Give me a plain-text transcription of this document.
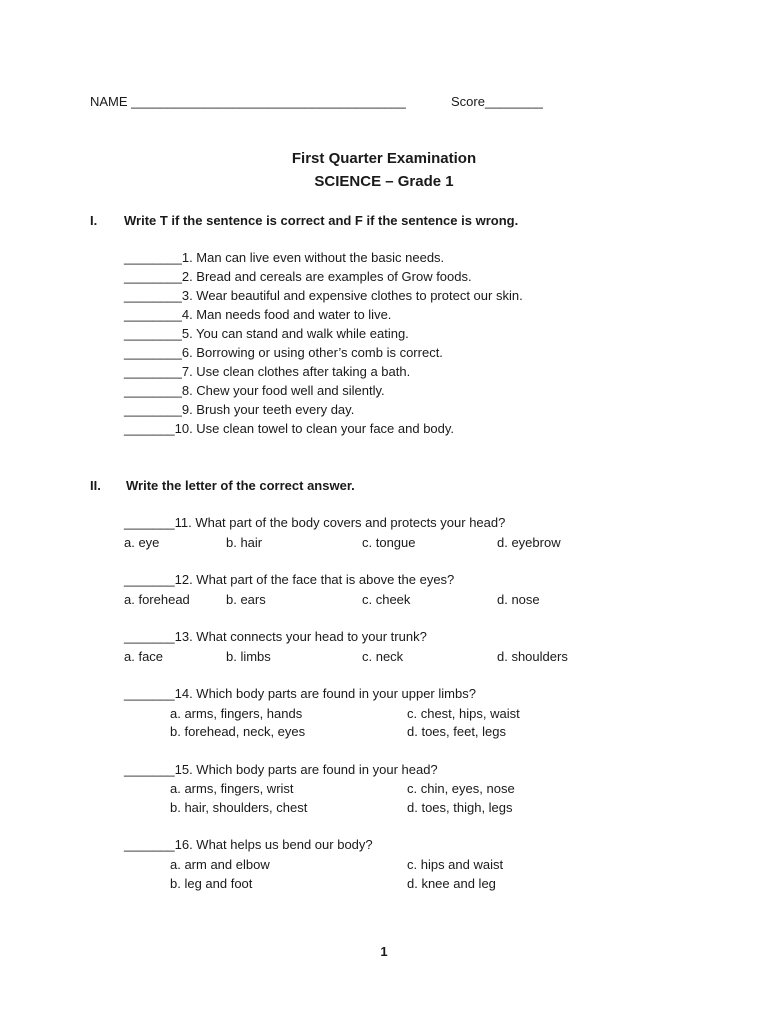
NAME ______________________________________	Score________
First Quarter Examination
SCIENCE – Grade 1
I. Write T if the sentence is correct and F if the sentence is wrong.
________1. Man can live even without the basic needs.
________2. Bread and cereals are examples of Grow foods.
________3. Wear beautiful and expensive clothes to protect our skin.
________4. Man needs food and water to live.
________5. You can stand and walk while eating.
________6. Borrowing or using other’s comb is correct.
________7. Use clean clothes after taking a bath.
________8. Chew your food well and silently.
________9. Brush your teeth every day.
_______10. Use clean towel to clean your face and body.
II. Write the letter of the correct answer.
_______11. What part of the body covers and protects your head?
a. eye	b. hair	c. tongue	d. eyebrow
_______12. What part of the face that is above the eyes?
a. forehead	b. ears	c. cheek	d. nose
_______13. What connects your head to your trunk?
a. face	b. limbs	c. neck	d. shoulders
_______14. Which body parts are found in your upper limbs?
a. arms, fingers, hands	c. chest, hips, waist
b. forehead, neck, eyes	d. toes, feet, legs
_______15. Which body parts are found in your head?
a. arms, fingers, wrist	c. chin, eyes, nose
b. hair, shoulders, chest	d. toes, thigh, legs
_______16. What helps us bend our body?
a. arm and elbow	c. hips and waist
b. leg and foot	d. knee and leg
1
